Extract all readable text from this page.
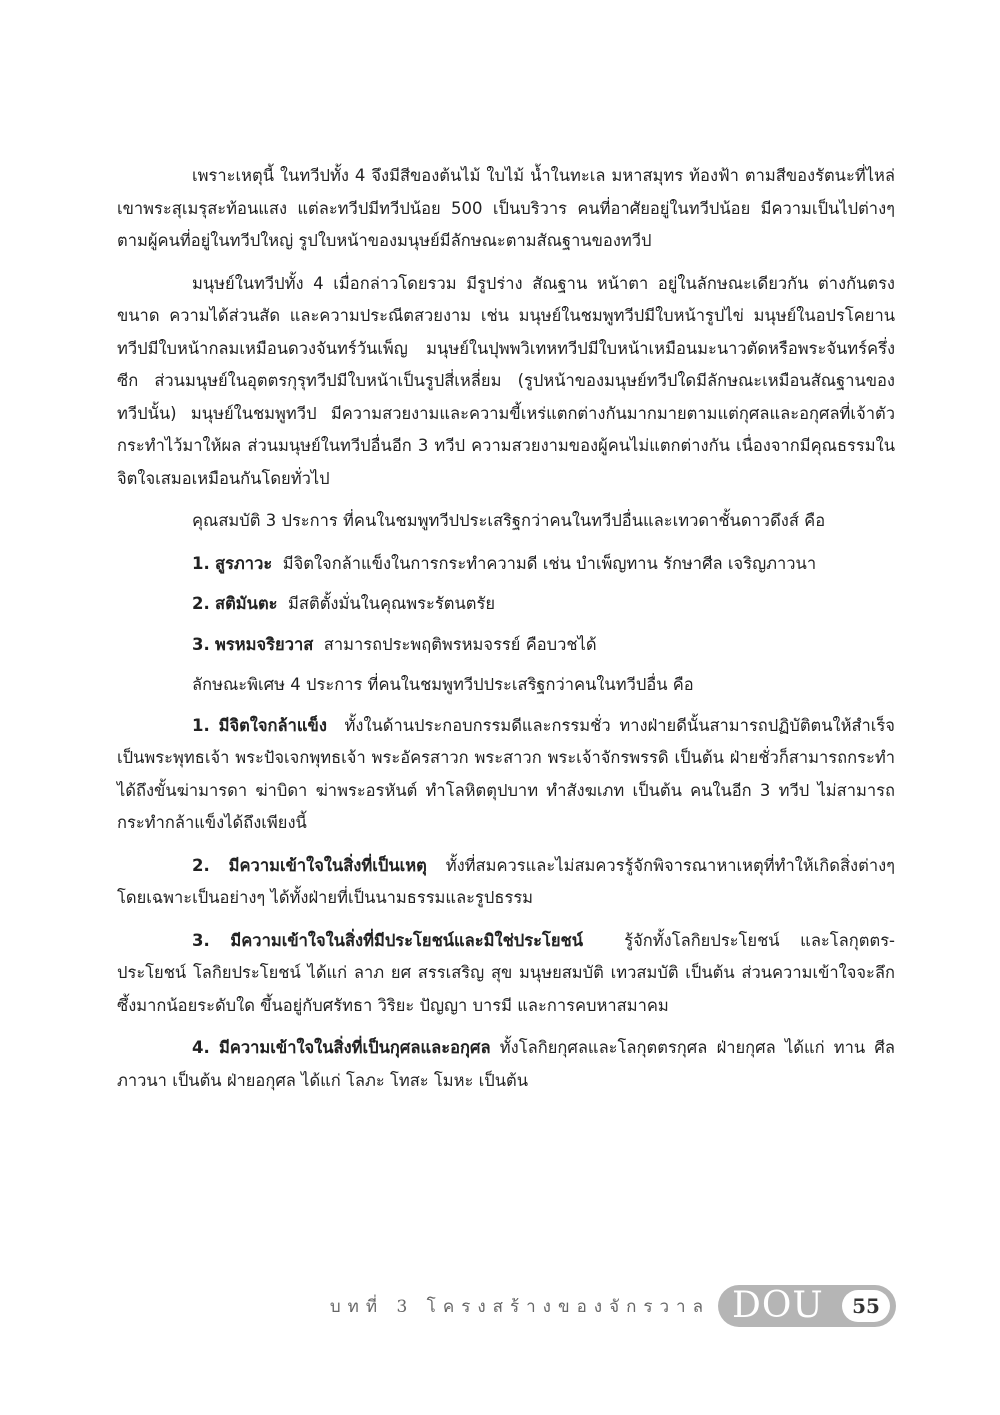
เพราะเหตุนี้ ในทวีปทั้ง 4 จึงมีสีของต้นไม้ ใบไม้ น้ำในทะเล มหาสมุทร ท้องฟ้า ตามสีของรัตนะที่ไหล่เขาพระสุเมรุสะท้อนแสง แต่ละทวีปมีทวีปน้อย 500 เป็นบริวาร คนที่อาศัยอยู่ในทวีปน้อย มีความเป็นไปต่างๆ ตามผู้คนที่อยู่ในทวีปใหญ่ รูปใบหน้าของมนุษย์มีลักษณะตามสัณฐานของทวีป

มนุษย์ในทวีปทั้ง 4 เมื่อกล่าวโดยรวม มีรูปร่าง สัณฐาน หน้าตา อยู่ในลักษณะเดียวกัน ต่างกันตรงขนาด ความได้ส่วนสัด และความประณีตสวยงาม เช่น มนุษย์ในชมพูทวีปมีใบหน้ารูปไข่ มนุษย์ในอปรโคยานทวีปมีใบหน้ากลมเหมือนดวงจันทร์วันเพ็ญ มนุษย์ในปุพพวิเทหทวีปมีใบหน้าเหมือนมะนาวตัดหรือพระจันทร์ครึ่งซีก ส่วนมนุษย์ในอุตตรกุรุทวีปมีใบหน้าเป็นรูปสี่เหลี่ยม (รูปหน้าของมนุษย์ทวีปใดมีลักษณะเหมือนสัณฐานของทวีปนั้น) มนุษย์ในชมพูทวีป มีความสวยงามและความขี้เหร่แตกต่างกันมากมายตามแต่กุศลและอกุศลที่เจ้าตัวกระทำไว้มาให้ผล ส่วนมนุษย์ในทวีปอื่นอีก 3 ทวีป ความสวยงามของผู้คนไม่แตกต่างกัน เนื่องจากมีคุณธรรมในจิตใจเสมอเหมือนกันโดยทั่วไป

คุณสมบัติ 3 ประการ ที่คนในชมพูทวีปประเสริฐกว่าคนในทวีปอื่นและเทวดาชั้นดาวดึงส์ คือ

1. สูรภาวะ มีจิตใจกล้าแข็งในการกระทำความดี เช่น บำเพ็ญทาน รักษาศีล เจริญภาวนา

2. สติมันตะ มีสติตั้งมั่นในคุณพระรัตนตรัย

3. พรหมจริยวาส สามารถประพฤติพรหมจรรย์ คือบวชได้

ลักษณะพิเศษ 4 ประการ ที่คนในชมพูทวีปประเสริฐกว่าคนในทวีปอื่น คือ

1. มีจิตใจกล้าแข็ง ทั้งในด้านประกอบกรรมดีและกรรมชั่ว ทางฝ่ายดีนั้นสามารถปฏิบัติตนให้สำเร็จเป็นพระพุทธเจ้า พระปัจเจกพุทธเจ้า พระอัครสาวก พระสาวก พระเจ้าจักรพรรดิ เป็นต้น ฝ่ายชั่วก็สามารถกระทำได้ถึงขั้นฆ่ามารดา ฆ่าบิดา ฆ่าพระอรหันต์ ทำโลหิตตุปบาท ทำสังฆเภท เป็นต้น คนในอีก 3 ทวีป ไม่สามารถกระทำกล้าแข็งได้ถึงเพียงนี้

2. มีความเข้าใจในสิ่งที่เป็นเหตุ ทั้งที่สมควรและไม่สมควรรู้จักพิจารณาหาเหตุที่ทำให้เกิดสิ่งต่างๆ โดยเฉพาะเป็นอย่างๆ ได้ทั้งฝ่ายที่เป็นนามธรรมและรูปธรรม

3. มีความเข้าใจในสิ่งที่มีประโยชน์และมิใช่ประโยชน์	รู้จักทั้งโลกิยประโยชน์ และโลกุตตร-ประโยชน์ โลกิยประโยชน์ ได้แก่ ลาภ ยศ สรรเสริญ สุข มนุษยสมบัติ เทวสมบัติ เป็นต้น ส่วนความเข้าใจจะลึกซึ้งมากน้อยระดับใด ขึ้นอยู่กับศรัทธา วิริยะ ปัญญา บารมี และการคบหาสมาคม

4. มีความเข้าใจในสิ่งที่เป็นกุศลและอกุศล ทั้งโลกิยกุศลและโลกุตตรกุศล ฝ่ายกุศล ได้แก่ ทาน ศีล ภาวนา เป็นต้น ฝ่ายอกุศล ได้แก่ โลภะ โทสะ โมหะ เป็นต้น

บทที่ 3 โครงสร้างของจักรวาล DOU	55
